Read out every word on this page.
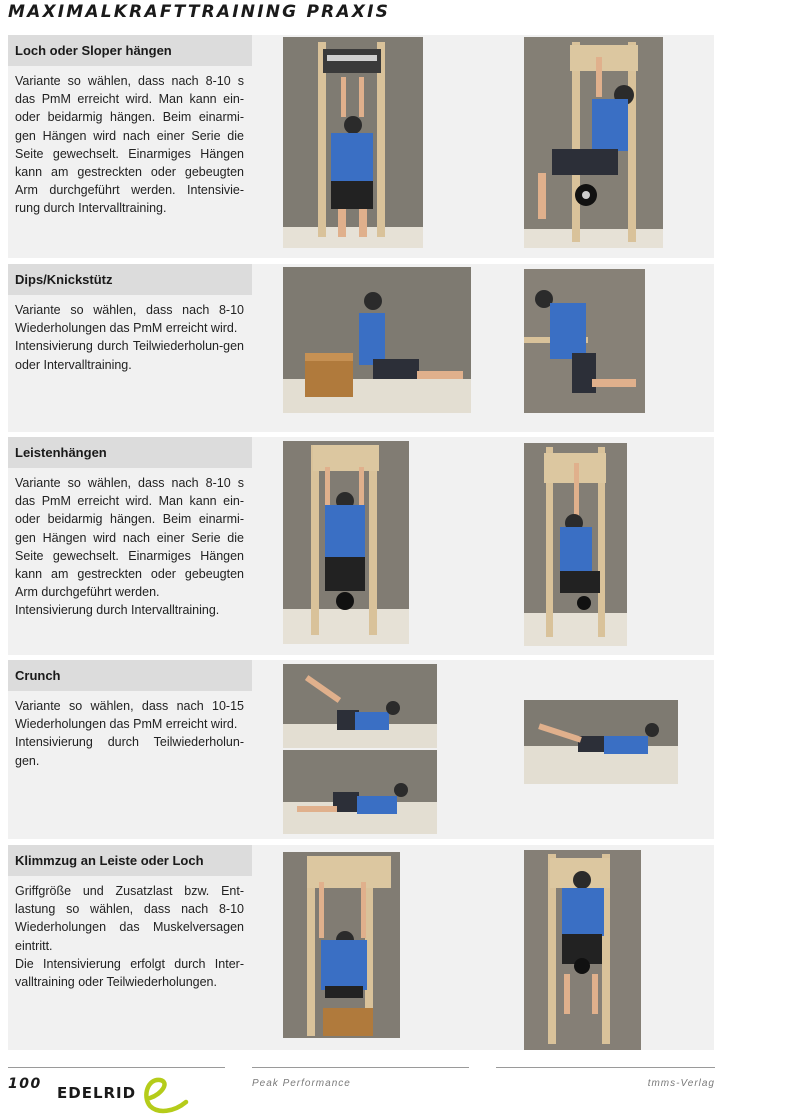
MAXIMALKRAFTTRAINING PRAXIS
Loch oder Sloper hängen
Variante so wählen, dass nach 8-10 s das PmM erreicht wird. Man kann ein-oder beidarmig hängen. Beim einarmi-gen Hängen wird nach einer Serie die Seite gewechselt. Einarmiges Hängen kann am gestreckten oder gebeugten Arm durchgeführt werden. Intensivie-rung durch Intervalltraining.
Dips/Knickstütz
Variante so wählen, dass nach 8-10 Wiederholungen das PmM erreicht wird.
Intensivierung durch Teilwiederholun-gen oder Intervalltraining.
Leistenhängen
Variante so wählen, dass nach 8-10 s das PmM erreicht wird. Man kann ein-oder beidarmig hängen. Beim einarmi-gen Hängen wird nach einer Serie die Seite gewechselt. Einarmiges Hängen kann am gestreckten oder gebeugten Arm durchgeführt werden.
Intensivierung durch Intervalltraining.
Crunch
Variante so wählen, dass nach 10-15 Wiederholungen das PmM erreicht wird.
Intensivierung durch Teilwiederholun-gen.
Klimmzug an Leiste oder Loch
Griffgröße und Zusatzlast bzw. Ent-lastung so wählen, dass nach 8-10 Wiederholungen das Muskelversagen eintritt.
Die Intensivierung erfolgt durch Inter-valltraining oder Teilwiederholungen.
100 EDELRID
Peak Performance	tmms-Verlag
